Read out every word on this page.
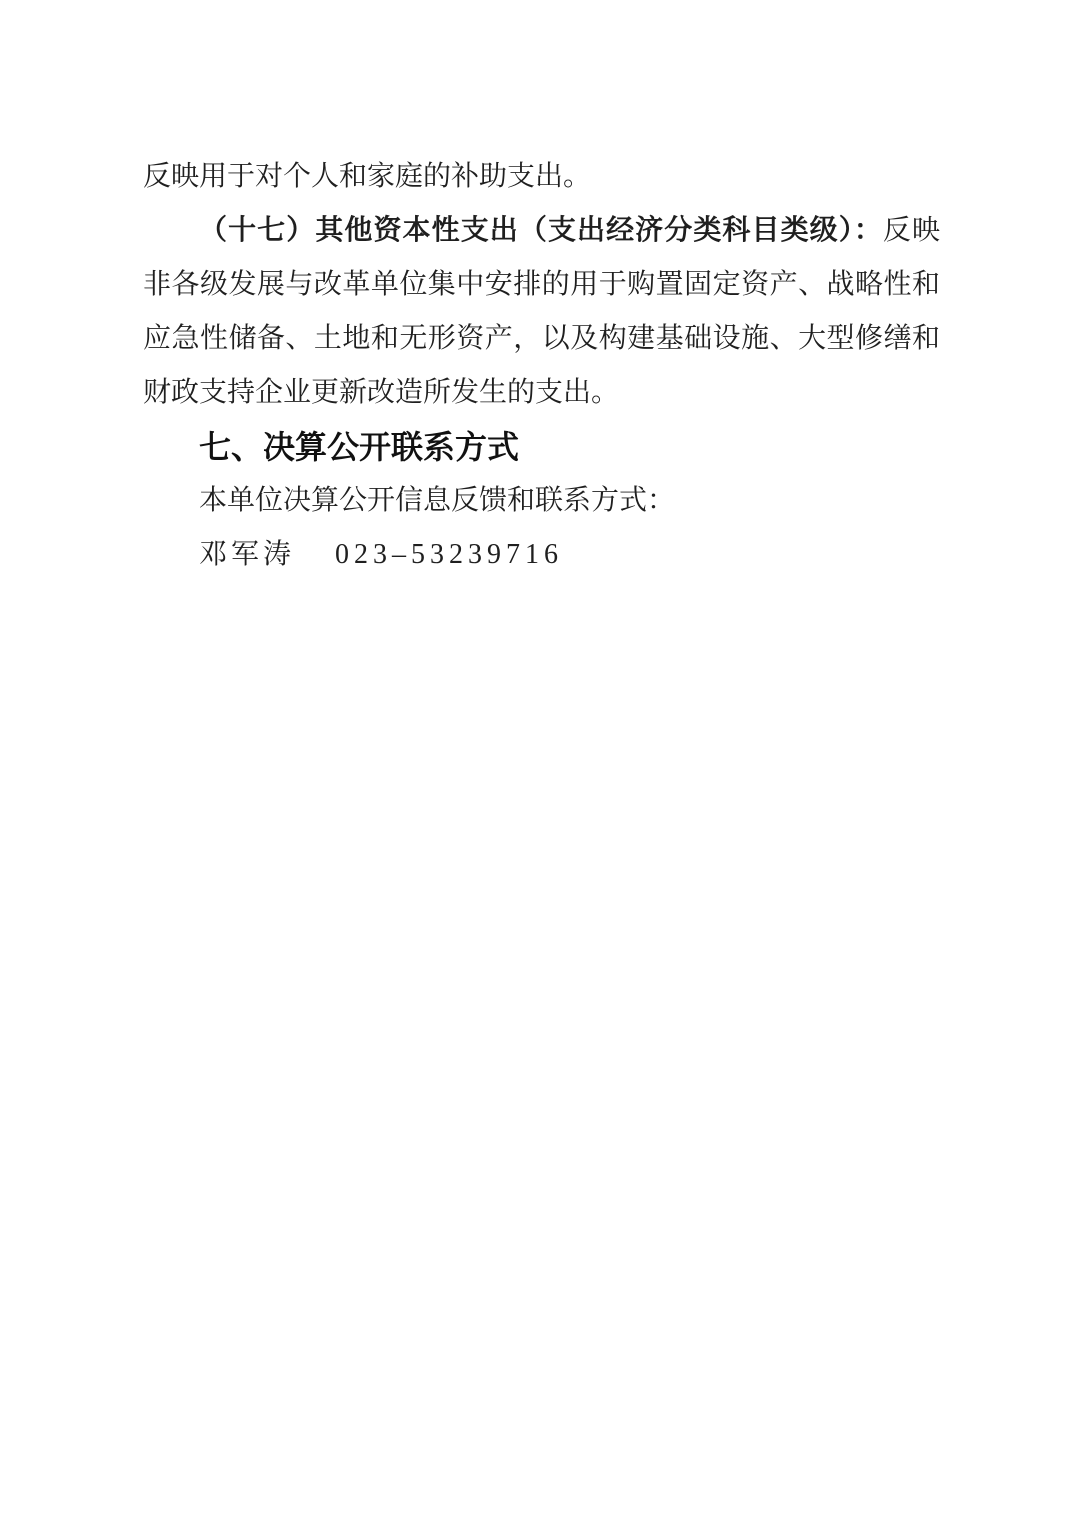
反映用于对个人和家庭的补助支出。
（十七）其他资本性支出（支出经济分类科目类级）：反映
非各级发展与改革单位集中安排的用于购置固定资产、战略性和
应急性储备、土地和无形资产，以及构建基础设施、大型修缮和
财政支持企业更新改造所发生的支出。
七、决算公开联系方式
本单位决算公开信息反馈和联系方式：
邓军涛 023–53239716
